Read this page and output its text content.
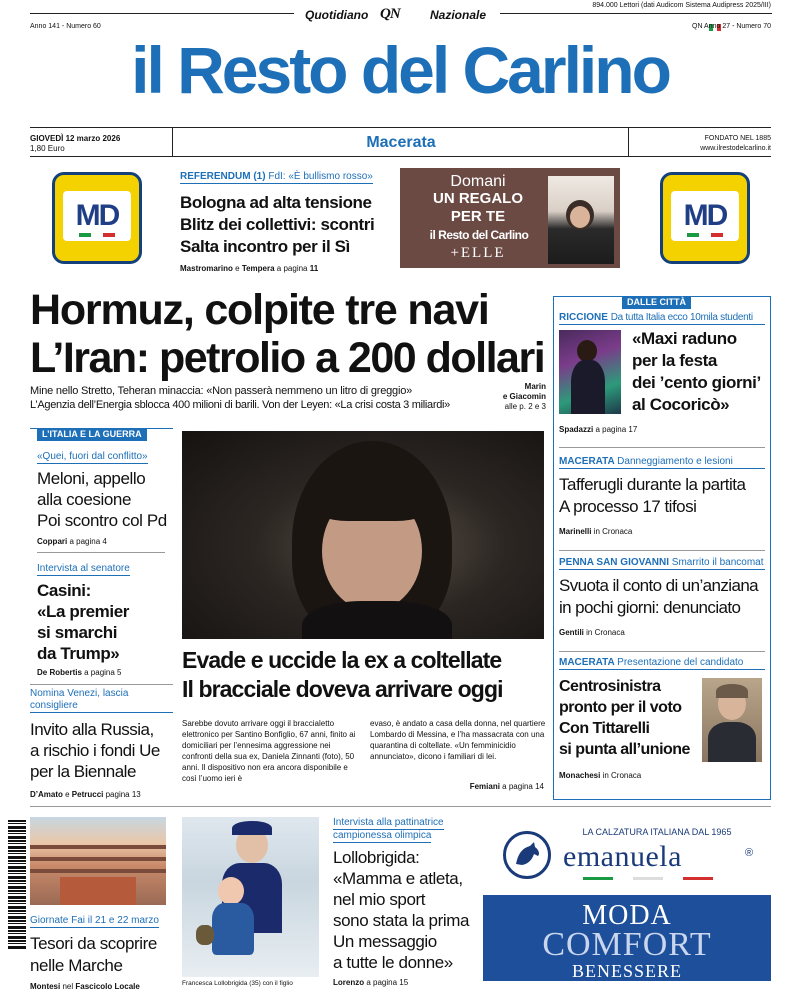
Quotidiano QN	Nazionale
894.000 Lettori (dati Audicom Sistema Audipress 2025/III)
Anno 141 - Numero 60	QN Anno 27 - Numero 70
il Resto del Carlino
GIOVEDÌ 12 marzo 2026
1,80 Euro	Macerata	FONDATO NEL 1885
www.ilrestodelcarlino.it
MD	MD
REFERENDUM (1) FdI: «È bullismo rosso»
Bologna ad alta tensione
Blitz dei collettivi: scontri
Salta incontro per il Sì
Mastromarino e Tempera a pagina 11
Domani
UN REGALO
PER TE
il Resto del Carlino
+ELLE
Hormuz, colpite tre navi
L’Iran: petrolio a 200 dollari
Mine nello Stretto, Teheran minaccia: «Non passerà nemmeno un litro di greggio»
L’Agenzia dell’Energia sblocca 400 milioni di barili. Von der Leyen: «La crisi costa 3 miliardi»
Marin
e Giacomin
alle p. 2 e 3
L’ITALIA E LA GUERRA
«Quei, fuori dal conflitto»
Meloni, appello
alla coesione
Poi scontro col Pd
Coppari a pagina 4
Intervista al senatore
Casini:
«La premier
si smarchi
da Trump»
De Robertis a pagina 5
Nomina Venezi, lascia consigliere
Invito alla Russia,
a rischio i fondi Ue
per la Biennale
D’Amato e Petrucci pagina 13
Evade e uccide la ex a coltellate
Il bracciale doveva arrivare oggi
Sarebbe dovuto arrivare oggi il braccialetto elettronico per Santino Bonfiglio, 67 anni, finito ai domiciliari per l’ennesima aggressione nei confronti della sua ex, Daniela Zinnanti (foto), 50 anni. Il dispositivo non era ancora disponibile e così l’uomo ieri è
evaso, è andato a casa della donna, nel quartiere Lombardo di Messina, e l’ha massacrata con una quarantina di coltellate. «Un femminicidio annunciato», dicono i familiari di lei.
Femiani a pagina 14
DALLE CITTÀ
RICCIONE Da tutta Italia ecco 10mila studenti
«Maxi raduno
per la festa
dei ’cento giorni’
al Cocoricò»
Spadazzi a pagina 17
MACERATA Danneggiamento e lesioni
Tafferugli durante la partita
A processo 17 tifosi
Marinelli in Cronaca
PENNA SAN GIOVANNI Smarrito il bancomat
Svuota il conto di un’anziana
in pochi giorni: denunciato
Gentili in Cronaca
MACERATA Presentazione del candidato
Centrosinistra
pronto per il voto
Con Tittarelli
si punta all’unione
Monachesi in Cronaca
Giornate Fai il 21 e 22 marzo
Tesori da scoprire
nelle Marche
Montesi nel Fascicolo Locale	Francesca Lollobrigida (35) con il figlio
Intervista alla pattinatrice
campionessa olimpica
Lollobrigida:
«Mamma e atleta,
nel mio sport
sono stata la prima
Un messaggio
a tutte le donne»
Lorenzo a pagina 15
LA CALZATURA ITALIANA DAL 1965
emanuela	®
MODA
COMFORT
BENESSERE
